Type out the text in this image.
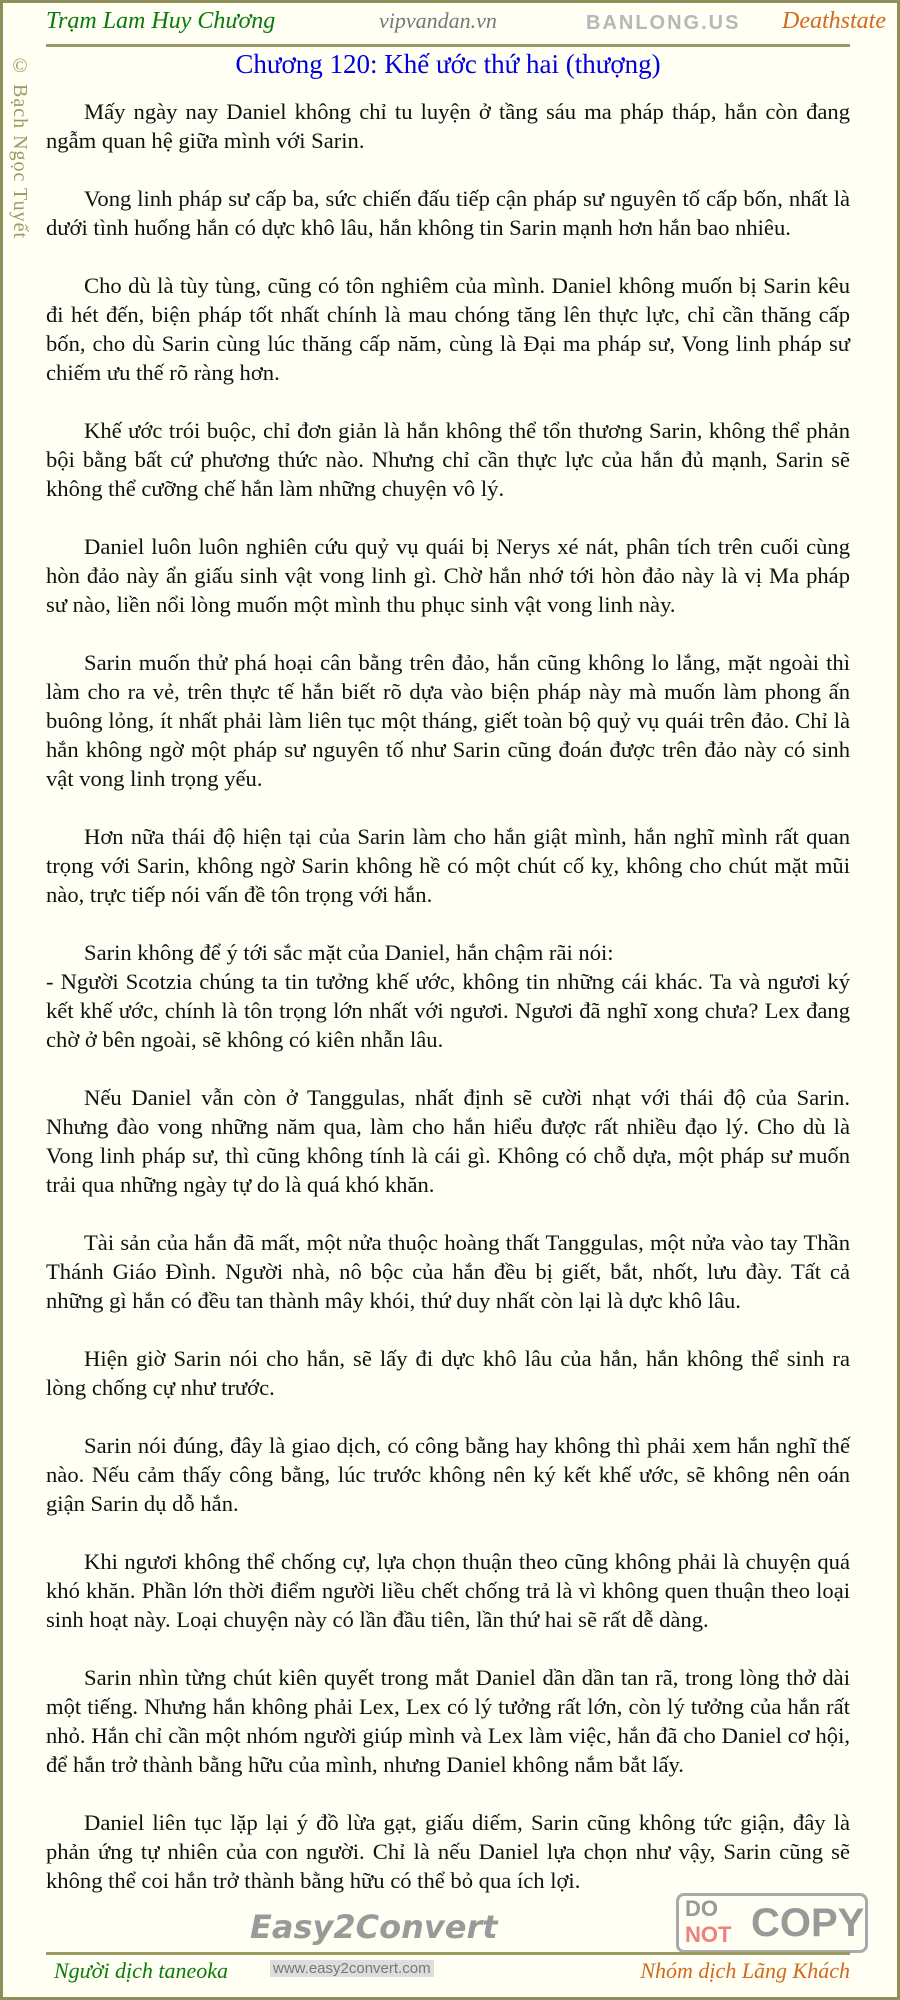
Trạm Lam Huy Chương	vipvandan.vn	BANLONG.US Deathstate
© Bạch Ngọc Tuyết	Chương 120: Khế ước thứ hai (thượng)

Mấy ngày nay Daniel không chỉ tu luyện ở tầng sáu ma pháp tháp, hắn còn đang ngẫm quan hệ giữa mình với Sarin.

Vong linh pháp sư cấp ba, sức chiến đấu tiếp cận pháp sư nguyên tố cấp bốn, nhất là dưới tình huống hắn có dực khô lâu, hắn không tin Sarin mạnh hơn hắn bao nhiêu.

Cho dù là tùy tùng, cũng có tôn nghiêm của mình. Daniel không muốn bị Sarin kêu đi hét đến, biện pháp tốt nhất chính là mau chóng tăng lên thực lực, chỉ cần thăng cấp bốn, cho dù Sarin cùng lúc thăng cấp năm, cùng là Đại ma pháp sư, Vong linh pháp sư chiếm ưu thế rõ ràng hơn.

Khế ước trói buộc, chỉ đơn giản là hắn không thể tổn thương Sarin, không thể phản bội bằng bất cứ phương thức nào. Nhưng chỉ cần thực lực của hắn đủ mạnh, Sarin sẽ không thể cưỡng chế hắn làm những chuyện vô lý.

Daniel luôn luôn nghiên cứu quỷ vụ quái bị Nerys xé nát, phân tích trên cuối cùng hòn đảo này ẩn giấu sinh vật vong linh gì. Chờ hắn nhớ tới hòn đảo này là vị Ma pháp sư nào, liền nổi lòng muốn một mình thu phục sinh vật vong linh này.

Sarin muốn thử phá hoại cân bằng trên đảo, hắn cũng không lo lắng, mặt ngoài thì làm cho ra vẻ, trên thực tế hắn biết rõ dựa vào biện pháp này mà muốn làm phong ấn buông lỏng, ít nhất phải làm liên tục một tháng, giết toàn bộ quỷ vụ quái trên đảo. Chỉ là hắn không ngờ một pháp sư nguyên tố như Sarin cũng đoán được trên đảo này có sinh vật vong linh trọng yếu.

Hơn nữa thái độ hiện tại của Sarin làm cho hắn giật mình, hắn nghĩ mình rất quan trọng với Sarin, không ngờ Sarin không hề có một chút cố kỵ, không cho chút mặt mũi nào, trực tiếp nói vấn đề tôn trọng với hắn.

Sarin không để ý tới sắc mặt của Daniel, hắn chậm rãi nói:
- Người Scotzia chúng ta tin tưởng khế ước, không tin những cái khác. Ta và ngươi ký kết khế ước, chính là tôn trọng lớn nhất với ngươi. Ngươi đã nghĩ xong chưa? Lex đang chờ ở bên ngoài, sẽ không có kiên nhẫn lâu.

Nếu Daniel vẫn còn ở Tanggulas, nhất định sẽ cười nhạt với thái độ của Sarin. Nhưng đào vong những năm qua, làm cho hắn hiểu được rất nhiều đạo lý. Cho dù là Vong linh pháp sư, thì cũng không tính là cái gì. Không có chỗ dựa, một pháp sư muốn trải qua những ngày tự do là quá khó khăn.

Tài sản của hắn đã mất, một nửa thuộc hoàng thất Tanggulas, một nửa vào tay Thần Thánh Giáo Đình. Người nhà, nô bộc của hắn đều bị giết, bắt, nhốt, lưu đày. Tất cả những gì hắn có đều tan thành mây khói, thứ duy nhất còn lại là dực khô lâu.

Hiện giờ Sarin nói cho hắn, sẽ lấy đi dực khô lâu của hắn, hắn không thể sinh ra lòng chống cự như trước.

Sarin nói đúng, đây là giao dịch, có công bằng hay không thì phải xem hắn nghĩ thế nào. Nếu cảm thấy công bằng, lúc trước không nên ký kết khế ước, sẽ không nên oán giận Sarin dụ dỗ hắn.

Khi ngươi không thể chống cự, lựa chọn thuận theo cũng không phải là chuyện quá khó khăn. Phần lớn thời điểm người liều chết chống trả là vì không quen thuận theo loại sinh hoạt này. Loại chuyện này có lần đầu tiên, lần thứ hai sẽ rất dễ dàng.

Sarin nhìn từng chút kiên quyết trong mắt Daniel dần dần tan rã, trong lòng thở dài một tiếng. Nhưng hắn không phải Lex, Lex có lý tưởng rất lớn, còn lý tưởng của hắn rất nhỏ. Hắn chỉ cần một nhóm người giúp mình và Lex làm việc, hắn đã cho Daniel cơ hội, để hắn trở thành bằng hữu của mình, nhưng Daniel không nắm bắt lấy.

Daniel liên tục lặp lại ý đồ lừa gạt, giấu diếm, Sarin cũng không tức giận, đây là phản ứng tự nhiên của con người. Chỉ là nếu Daniel lựa chọn như vậy, Sarin cũng sẽ không thể coi hắn trở thành bằng hữu có thể bỏ qua ích lợi.

Easy2Convert	DO
NOT COPY
www.easy2convert.com
Người dịch taneoka	Nhóm dịch Lãng Khách
